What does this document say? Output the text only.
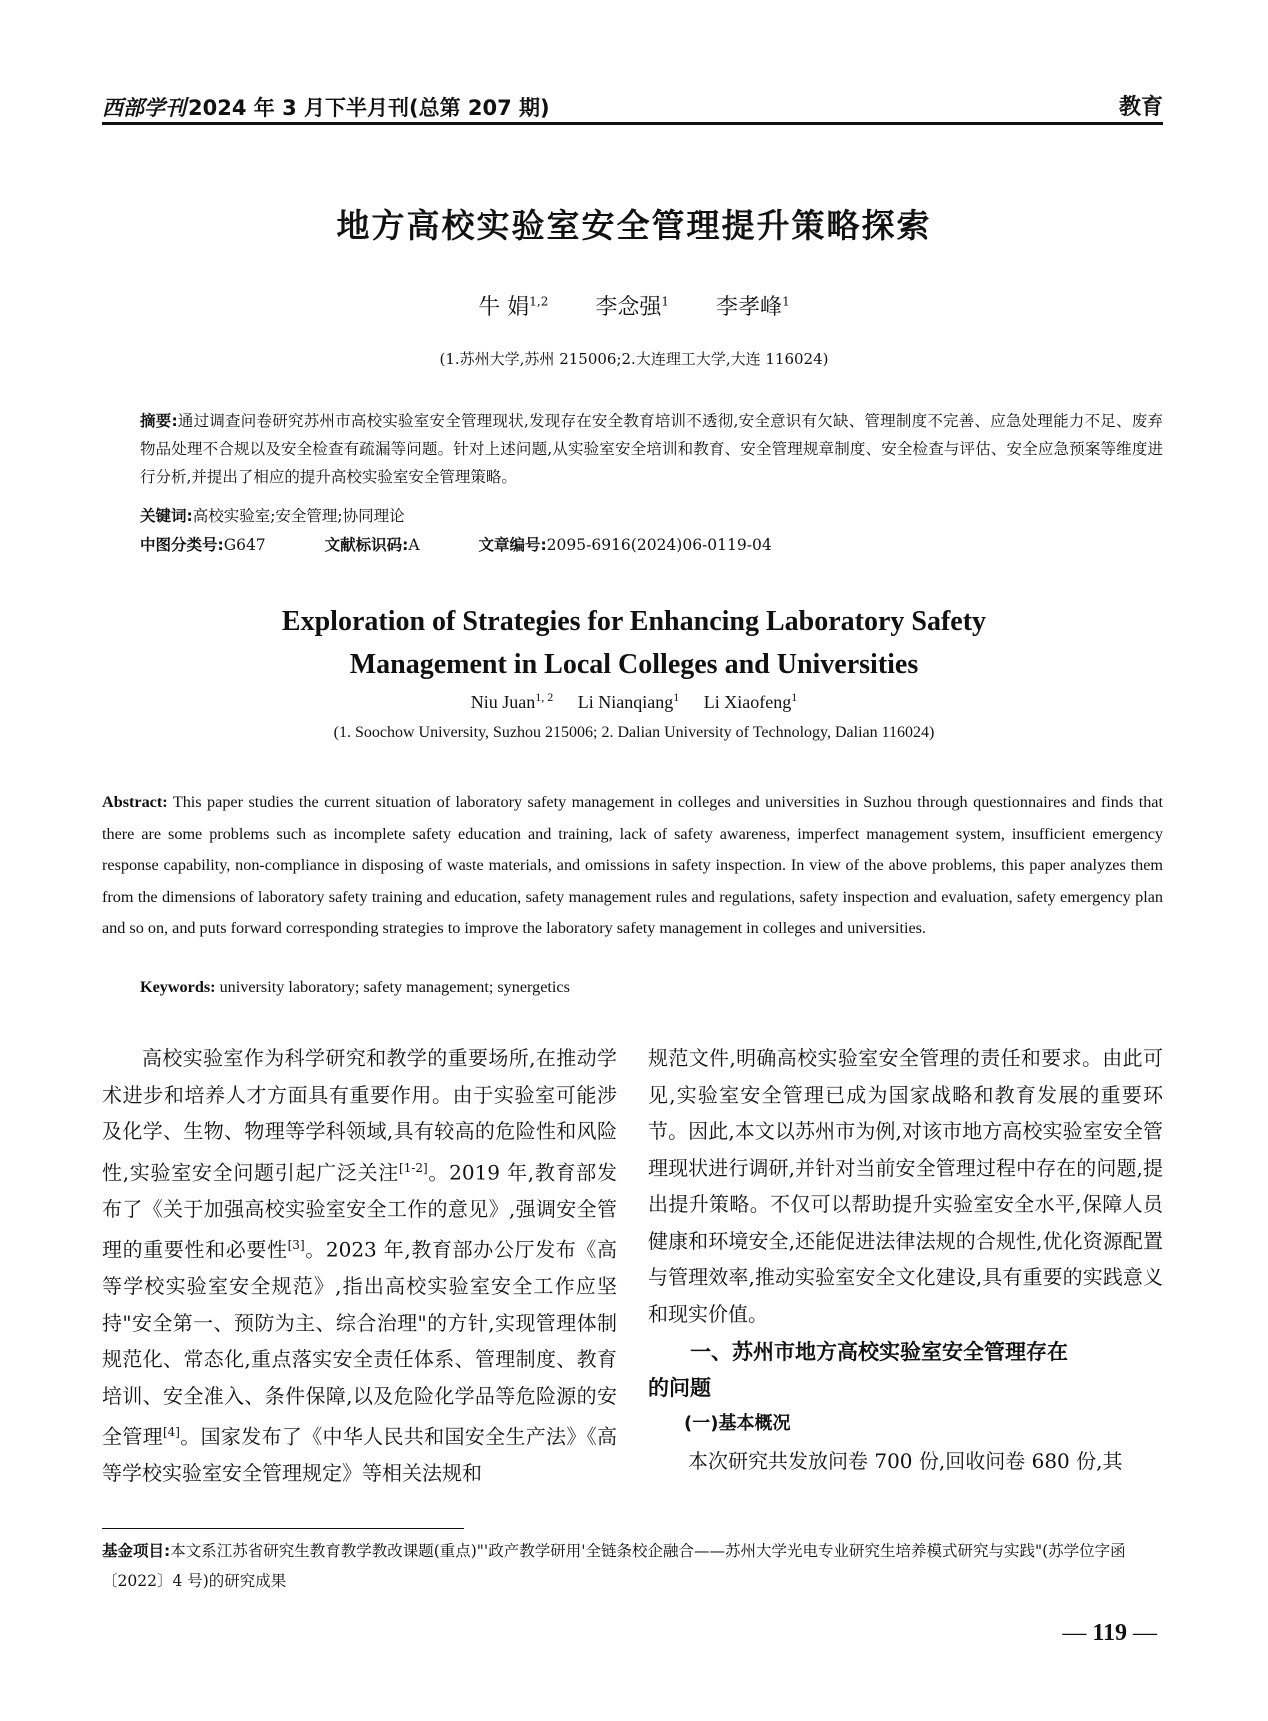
西部学刊2024 年 3 月下半月刊(总第 207 期)	教育
地方高校实验室安全管理提升策略探索
牛 娟$^{1,2}$ 李念强$^1$ 李孝峰$^1$
(1.苏州大学,苏州 215006;2.大连理工大学,大连 116024)
摘要:通过调查问卷研究苏州市高校实验室安全管理现状,发现存在安全教育培训不透彻,安全意识有欠缺、管理制度不完善、应急处理能力不足、废弃物品处理不合规以及安全检查有疏漏等问题。针对上述问题,从实验室安全培训和教育、安全管理规章制度、安全检查与评估、安全应急预案等维度进行分析,并提出了相应的提升高校实验室安全管理策略。
关键词:高校实验室;安全管理;协同理论
中图分类号:G647	文献标识码:A	文章编号:2095-6916(2024)06-0119-04
Exploration of Strategies for Enhancing Laboratory Safety
Management in Local Colleges and Universities
Niu Juan$^{1, 2}$ Li Nianqiang$^1$ Li Xiaofeng$^1$
(1. Soochow University, Suzhou 215006; 2. Dalian University of Technology, Dalian 116024)
Abstract: This paper studies the current situation of laboratory safety management in colleges and universities in Suzhou through questionnaires and finds that there are some problems such as incomplete safety education and training, lack of safety awareness, imperfect management system, insufficient emergency response capability, non-compliance in disposing of waste materials, and omissions in safety inspection. In view of the above problems, this paper analyzes them from the dimensions of laboratory safety training and education, safety management rules and regulations, safety inspection and evaluation, safety emergency plan and so on, and puts forward corresponding strategies to improve the laboratory safety management in colleges and universities.
Keywords: university laboratory; safety management; synergetics

高校实验室作为科学研究和教学的重要场所,在推动学术进步和培养人才方面具有重要作用。由于实验室可能涉及化学、生物、物理等学科领域,具有较高的危险性和风险性,实验室安全问题引起广泛关注[1-2]。2019 年,教育部发布了《关于加强高校实验室安全工作的意见》,强调安全管理的重要性和必要性[3]。2023 年,教育部办公厅发布《高等学校实验室安全规范》,指出高校实验室安全工作应坚持"安全第一、预防为主、综合治理"的方针,实现管理体制规范化、常态化,重点落实安全责任体系、管理制度、教育培训、安全准入、条件保障,以及危险化学品等危险源的安全管理[4]。国家发布了《中华人民共和国安全生产法》《高等学校实验室安全管理规定》等相关法规和

规范文件,明确高校实验室安全管理的责任和要求。由此可见,实验室安全管理已成为国家战略和教育发展的重要环节。因此,本文以苏州市为例,对该市地方高校实验室安全管理现状进行调研,并针对当前安全管理过程中存在的问题,提出提升策略。不仅可以帮助提升实验室安全水平,保障人员健康和环境安全,还能促进法律法规的合规性,优化资源配置与管理效率,推动实验室安全文化建设,具有重要的实践意义和现实价值。

一、苏州市地方高校实验室安全管理存在
的问题

(一)基本概况

本次研究共发放问卷 700 份,回收问卷 680 份,其

基金项目:本文系江苏省研究生教育教学教改课题(重点)"'政产教学研用'全链条校企融合——苏州大学光电专业研究生培养模式研究与实践"(苏学位字函〔2022〕4 号)的研究成果
— 119 —
